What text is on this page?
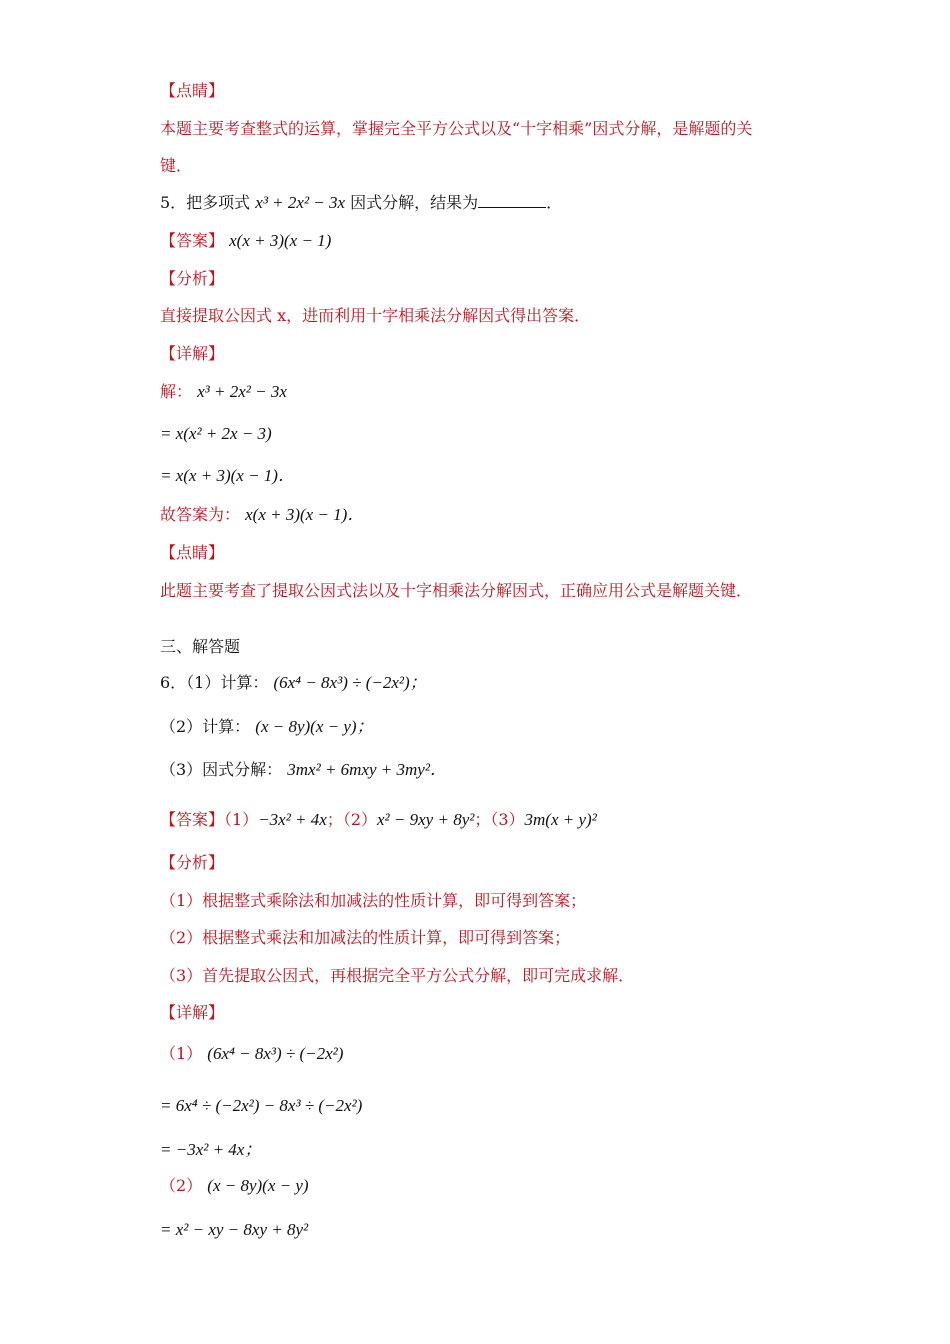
【点睛】
本题主要考查整式的运算，掌握完全平方公式以及“十字相乘”因式分解，是解题的关
键．
5．把多项式 x³ + 2x² − 3x 因式分解，结果为	．
【答案】 x(x + 3)(x − 1)
【分析】
直接提取公因式 x，进而利用十字相乘法分解因式得出答案．
【详解】
解： x³ + 2x² − 3x
= x(x² + 2x − 3)
= x(x + 3)(x − 1)．
故答案为： x(x + 3)(x − 1)．
【点睛】
此题主要考查了提取公因式法以及十字相乘法分解因式，正确应用公式是解题关键．
三、解答题
6．（1）计算： (6x⁴ − 8x³) ÷ (−2x²)；
（2）计算： (x − 8y)(x − y)；
（3）因式分解： 3mx² + 6mxy + 3my²．
【答案】（1）−3x² + 4x；（2）x² − 9xy + 8y²；（3）3m(x + y)²
【分析】
（1）根据整式乘除法和加减法的性质计算，即可得到答案；
（2）根据整式乘法和加减法的性质计算，即可得到答案；
（3）首先提取公因式，再根据完全平方公式分解，即可完成求解．
【详解】
（1） (6x⁴ − 8x³) ÷ (−2x²)
= 6x⁴ ÷ (−2x²) − 8x³ ÷ (−2x²)
= −3x² + 4x；
（2） (x − 8y)(x − y)
= x² − xy − 8xy + 8y²
